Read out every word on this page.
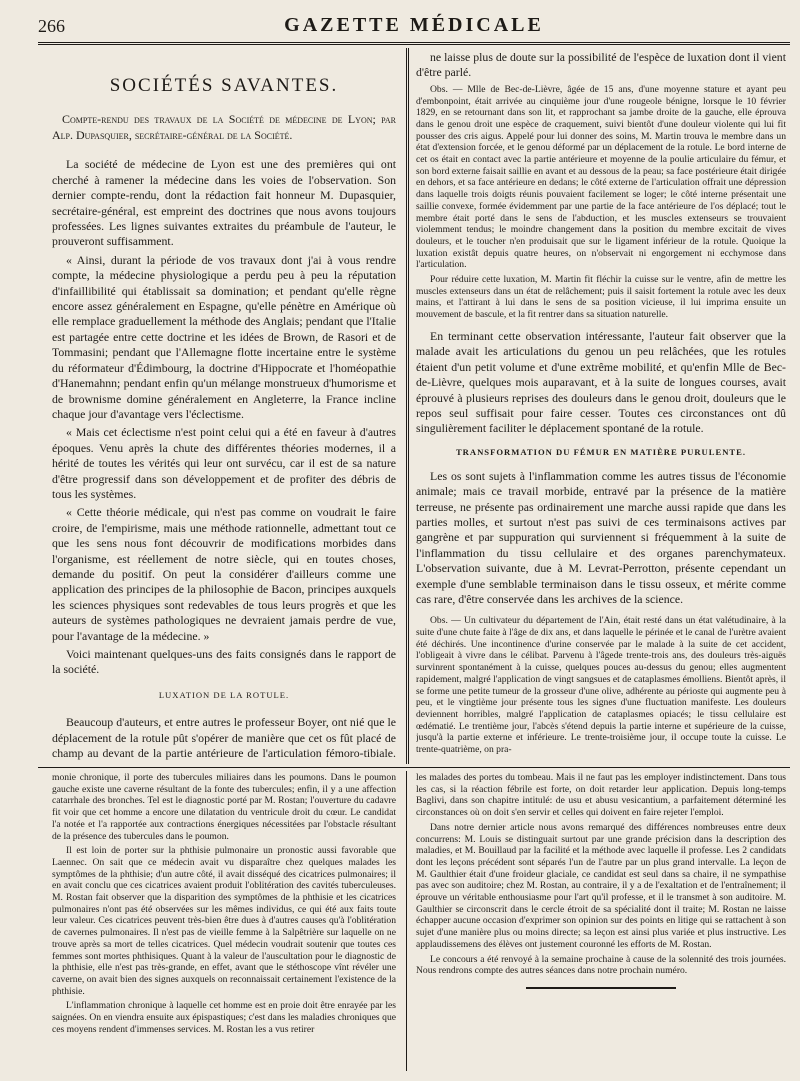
266	GAZETTE MÉDICALE

SOCIÉTÉS SAVANTES.

Compte-rendu des travaux de la Société de médecine de Lyon; par Alp. Dupasquier, secrétaire-général de la Société.

La société de médecine de Lyon est une des premières qui ont cherché à ramener la médecine dans les voies de l'observation. Son dernier compte-rendu, dont la rédaction fait honneur M. Dupasquier, secrétaire-général, est empreint des doctrines que nous avons toujours professées. Les lignes suivantes extraites du préambule de l'auteur, le prouveront suffisamment.

« Ainsi, durant la période de vos travaux dont j'ai à vous rendre compte, la médecine physiologique a perdu peu à peu la réputation d'infaillibilité qui établissait sa domination; et pendant qu'elle règne encore assez généralement en Espagne, qu'elle pénètre en Amérique où elle remplace graduellement la méthode des Anglais; pendant que l'Italie est partagée entre cette doctrine et les idées de Brown, de Rasori et de Tommasini; pendant que l'Allemagne flotte incertaine entre le système du réformateur d'Édimbourg, la doctrine d'Hippocrate et l'homéopathie d'Hanemahnn; pendant enfin qu'un mélange monstrueux d'humorisme et de brownisme domine généralement en Angleterre, la France incline chaque jour d'avantage vers l'éclectisme.

« Mais cet éclectisme n'est point celui qui a été en faveur à d'autres époques. Venu après la chute des différentes théories modernes, il a hérité de toutes les vérités qui leur ont survécu, car il est de sa nature d'être progressif dans son développement et de profiter des débris de tous les systèmes.

« Cette théorie médicale, qui n'est pas comme on voudrait le faire croire, de l'empirisme, mais une méthode rationnelle, admettant tout ce que les sens nous font découvrir de modifications morbides dans l'organisme, est réellement de notre siècle, qui en toutes choses, demande du positif. On peut la considérer d'ailleurs comme une application des principes de la philosophie de Bacon, principes auxquels les sciences physiques sont redevables de tous leurs progrès et que les auteurs de systèmes pathologiques ne devraient jamais perdre de vue, pour l'avantage de la médecine. »

Voici maintenant quelques-uns des faits consignés dans le rapport de la société.

LUXATION DE LA ROTULE.

Beaucoup d'auteurs, et entre autres le professeur Boyer, ont nié que le déplacement de la rotule pût s'opérer de manière que cet os fût placé de champ au devant de la partie antérieure de l'articulation fémoro-tibiale.

ne laisse plus de doute sur la possibilité de l'espèce de luxation dont il vient d'être parlé.

Obs. — Mlle de Bec-de-Lièvre, âgée de 15 ans, d'une moyenne stature et ayant peu d'embonpoint, était arrivée au cinquième jour d'une rougeole bénigne, lorsque le 10 février 1829, en se retournant dans son lit, et rapprochant sa jambe droite de la gauche, elle éprouva dans le genou droit une espèce de craquement, suivi bientôt d'une douleur violente qui lui fit pousser des cris aigus. Appelé pour lui donner des soins, M. Martin trouva le membre dans un état d'extension forcée, et le genou déformé par un déplacement de la rotule. Le bord interne de cet os était en contact avec la partie antérieure et moyenne de la poulie articulaire du fémur, et son bord externe faisait saillie en avant et au dessous de la peau; sa face postérieure était dirigée en dehors, et sa face antérieure en dedans; le côté externe de l'articulation offrait une dépression dans laquelle trois doigts réunis pouvaient facilement se loger; le côté interne présentait une saillie convexe, formée évidemment par une partie de la face antérieure de l'os déplacé; tout le membre était porté dans le sens de l'abduction, et les muscles extenseurs se trouvaient violemment tendus; le moindre changement dans la position du membre excitait de vives douleurs, et le toucher n'en produisait que sur le ligament inférieur de la rotule. Quoique la luxation existât depuis quatre heures, on n'observait ni engorgement ni ecchymose dans l'articulation.

Pour réduire cette luxation, M. Martin fit fléchir la cuisse sur le ventre, afin de mettre les muscles extenseurs dans un état de relâchement; puis il saisit fortement la rotule avec les deux mains, et l'attirant à lui dans le sens de sa position vicieuse, il lui imprima ensuite un mouvement de bascule, et la fit rentrer dans sa situation naturelle.

En terminant cette observation intéressante, l'auteur fait observer que la malade avait les articulations du genou un peu relâchées, que les rotules étaient d'un petit volume et d'une extrême mobilité, et qu'enfin Mlle de Bec-de-Lièvre, quelques mois auparavant, et à la suite de longues courses, avait éprouvé à plusieurs reprises des douleurs dans le genou droit, douleurs que le repos seul suffisait pour faire cesser. Toutes ces circonstances ont dû singulièrement faciliter le déplacement spontané de la rotule.

TRANSFORMATION DU FÉMUR EN MATIÈRE PURULENTE.

Les os sont sujets à l'inflammation comme les autres tissus de l'économie animale; mais ce travail morbide, entravé par la présence de la matière terreuse, ne présente pas ordinairement une marche aussi rapide que dans les parties molles, et surtout n'est pas suivi de ces terminaisons actives par gangrène et par suppuration qui surviennent si fréquemment à la suite de l'inflammation du tissu cellulaire et des organes parenchymateux. L'observation suivante, due à M. Levrat-Perrotton, présente cependant un exemple d'une semblable terminaison dans le tissu osseux, et mérite comme cas rare, d'être conservée dans les archives de la science.

Obs. — Un cultivateur du département de l'Ain, était resté dans un état valétudinaire, à la suite d'une chute faite à l'âge de dix ans, et dans laquelle le périnée et le canal de l'urètre avaient été déchirés. Une incontinence d'urine conservée par le malade à la suite de cet accident, l'obligeait à vivre dans le célibat. Parvenu à l'âgede trente-trois ans, des douleurs très-aiguës survinrent spontanément à la cuisse, quelques pouces au-dessus du genou; elles augmentent rapidement, malgré l'application de vingt sangsues et de cataplasmes émolliens. Bientôt après, il se forme une petite tumeur de la grosseur d'une olive, adhérente au périoste qui augmente peu à peu, et le vingtième jour présente tous les signes d'une fluctuation manifeste. Les douleurs deviennent horribles, malgré l'application de cataplasmes opiacés; le tissu cellulaire est œdématié. Le trentième jour, l'abcès s'étend depuis la partie interne et supérieure de la cuisse, jusqu'à la partie externe et inférieure. Le trente-troisième jour, il occupe toute la cuisse. Le trente-quatrième, on pra-

monie chronique, il porte des tubercules miliaires dans les poumons. Dans le poumon gauche existe une caverne résultant de la fonte des tubercules; enfin, il y a une affection catarrhale des bronches. Tel est le diagnostic porté par M. Rostan; l'ouverture du cadavre fit voir que cet homme a encore une dilatation du ventricule droit du cœur. Le candidat l'a notée et l'a rapportée aux contractions énergiques nécessitées par l'obstacle résultant de la présence des tubercules dans le poumon.

Il est loin de porter sur la phthisie pulmonaire un pronostic aussi favorable que Laennec. On sait que ce médecin avait vu disparaître chez quelques malades les symptômes de la phthisie; d'un autre côté, il avait disséqué des cicatrices pulmonaires; il en avait conclu que ces cicatrices avaient produit l'oblitération des cavités tuberculeuses. M. Rostan fait observer que la disparition des symptômes de la phthisie et les cicatrices pulmonaires n'ont pas été observées sur les mêmes individus, ce qui été aux faits toute leur valeur. Ces cicatrices peuvent très-bien être dues à d'autres causes qu'à l'oblitération de cavernes pulmonaires. Il n'est pas de vieille femme à la Salpêtrière sur laquelle on ne trouve après sa mort de telles cicatrices. Quel médecin voudrait soutenir que toutes ces femmes sont mortes phthisiques. Quant à la valeur de l'auscultation pour le diagnostic de la phthisie, elle n'est pas très-grande, en effet, avant que le stéthoscope vînt révéler une caverne, on avait bien des signes auxquels on reconnaissait certainement l'existence de la phthisie.

L'inflammation chronique à laquelle cet homme est en proie doit être enrayée par les saignées. On en viendra ensuite aux épispastiques; c'est dans les maladies chroniques que ces moyens rendent d'immenses services. M. Rostan les a vus retirer

les malades des portes du tombeau. Mais il ne faut pas les employer indistinctement. Dans tous les cas, si la réaction fébrile est forte, on doit retarder leur application. Depuis long-temps Baglivi, dans son chapitre intitulé: de usu et abusu vesicantium, a parfaitement déterminé les circonstances où on doit s'en servir et celles qui doivent en faire rejeter l'emploi.

Dans notre dernier article nous avons remarqué des différences nombreuses entre deux concurrens: M. Louis se distinguait surtout par une grande précision dans la description des maladies, et M. Bouillaud par la facilité et la méthode avec laquelle il professe. Les 2 candidats dont les leçons précédent sont séparés l'un de l'autre par un plus grand intervalle. La leçon de M. Gaulthier était d'une froideur glaciale, ce candidat est seul dans sa chaire, il ne sympathise pas avec son auditoire; chez M. Rostan, au contraire, il y a de l'exaltation et de l'entraînement; il éprouve un véritable enthousiasme pour l'art qu'il professe, et il le transmet à son auditoire. M. Gaulthier se circonscrit dans le cercle étroit de sa spécialité dont il traite; M. Rostan ne laisse échapper aucune occasion d'exprimer son opinion sur des points en litige qui se rattachent à son sujet d'une manière plus ou moins directe; sa leçon est ainsi plus variée et plus instructive. Les applaudissemens des élèves ont justement couronné les efforts de M. Rostan.

Le concours a été renvoyé à la semaine prochaine à cause de la solennité des trois journées. Nous rendrons compte des autres séances dans notre prochain numéro.
